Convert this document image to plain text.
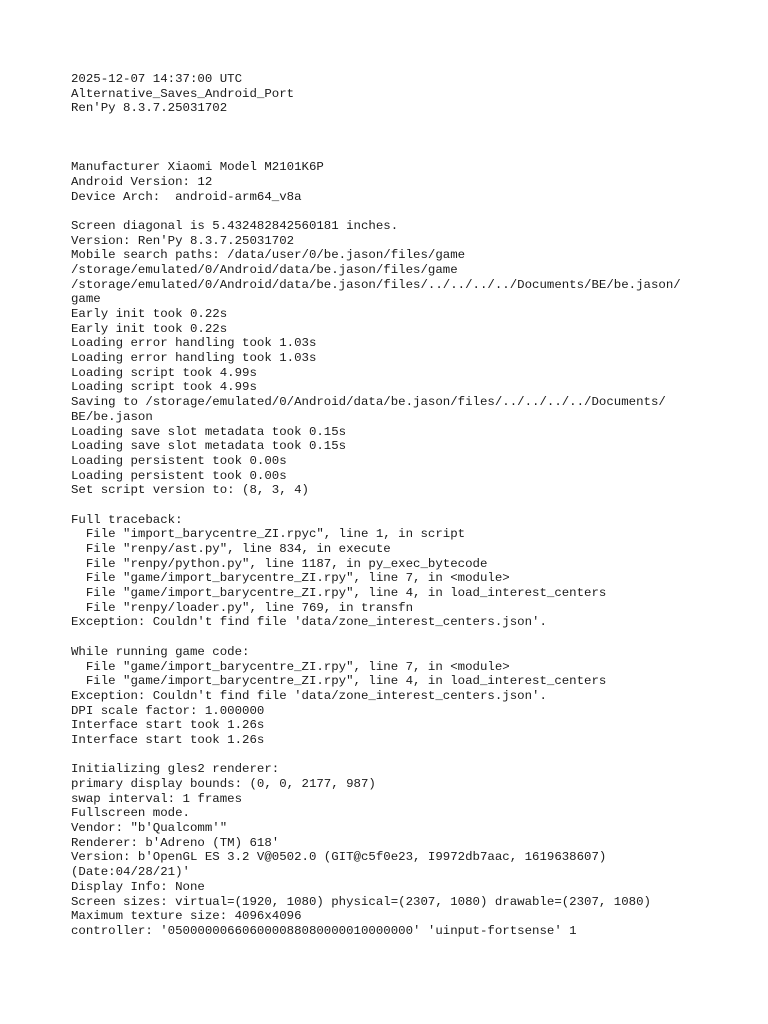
2025-12-07 14:37:00 UTC
Alternative_Saves_Android_Port
Ren'Py 8.3.7.25031702
Manufacturer Xiaomi Model M2101K6P
Android Version: 12
Device Arch:  android-arm64_v8a
Screen diagonal is 5.432482842560181 inches.
Version: Ren'Py 8.3.7.25031702
Mobile search paths: /data/user/0/be.jason/files/game
/storage/emulated/0/Android/data/be.jason/files/game
/storage/emulated/0/Android/data/be.jason/files/../../../../Documents/BE/be.jason/
game
Early init took 0.22s
Early init took 0.22s
Loading error handling took 1.03s
Loading error handling took 1.03s
Loading script took 4.99s
Loading script took 4.99s
Saving to /storage/emulated/0/Android/data/be.jason/files/../../../../Documents/
BE/be.jason
Loading save slot metadata took 0.15s
Loading save slot metadata took 0.15s
Loading persistent took 0.00s
Loading persistent took 0.00s
Set script version to: (8, 3, 4)
Full traceback:
File "import_barycentre_ZI.rpyc", line 1, in script
File "renpy/ast.py", line 834, in execute
File "renpy/python.py", line 1187, in py_exec_bytecode
File "game/import_barycentre_ZI.rpy", line 7, in <module>
File "game/import_barycentre_ZI.rpy", line 4, in load_interest_centers
File "renpy/loader.py", line 769, in transfn
Exception: Couldn't find file 'data/zone_interest_centers.json'.
While running game code:
File "game/import_barycentre_ZI.rpy", line 7, in <module>
File "game/import_barycentre_ZI.rpy", line 4, in load_interest_centers
Exception: Couldn't find file 'data/zone_interest_centers.json'.
DPI scale factor: 1.000000
Interface start took 1.26s
Interface start took 1.26s
Initializing gles2 renderer:
primary display bounds: (0, 0, 2177, 987)
swap interval: 1 frames
Fullscreen mode.
Vendor: "b'Qualcomm'"
Renderer: b'Adreno (TM) 618'
Version: b'OpenGL ES 3.2 V@0502.0 (GIT@c5f0e23, I9972db7aac, 1619638607)
(Date:04/28/21)'
Display Info: None
Screen sizes: virtual=(1920, 1080) physical=(2307, 1080) drawable=(2307, 1080)
Maximum texture size: 4096x4096
controller: '050000006606000088080000010000000' 'uinput-fortsense' 1
